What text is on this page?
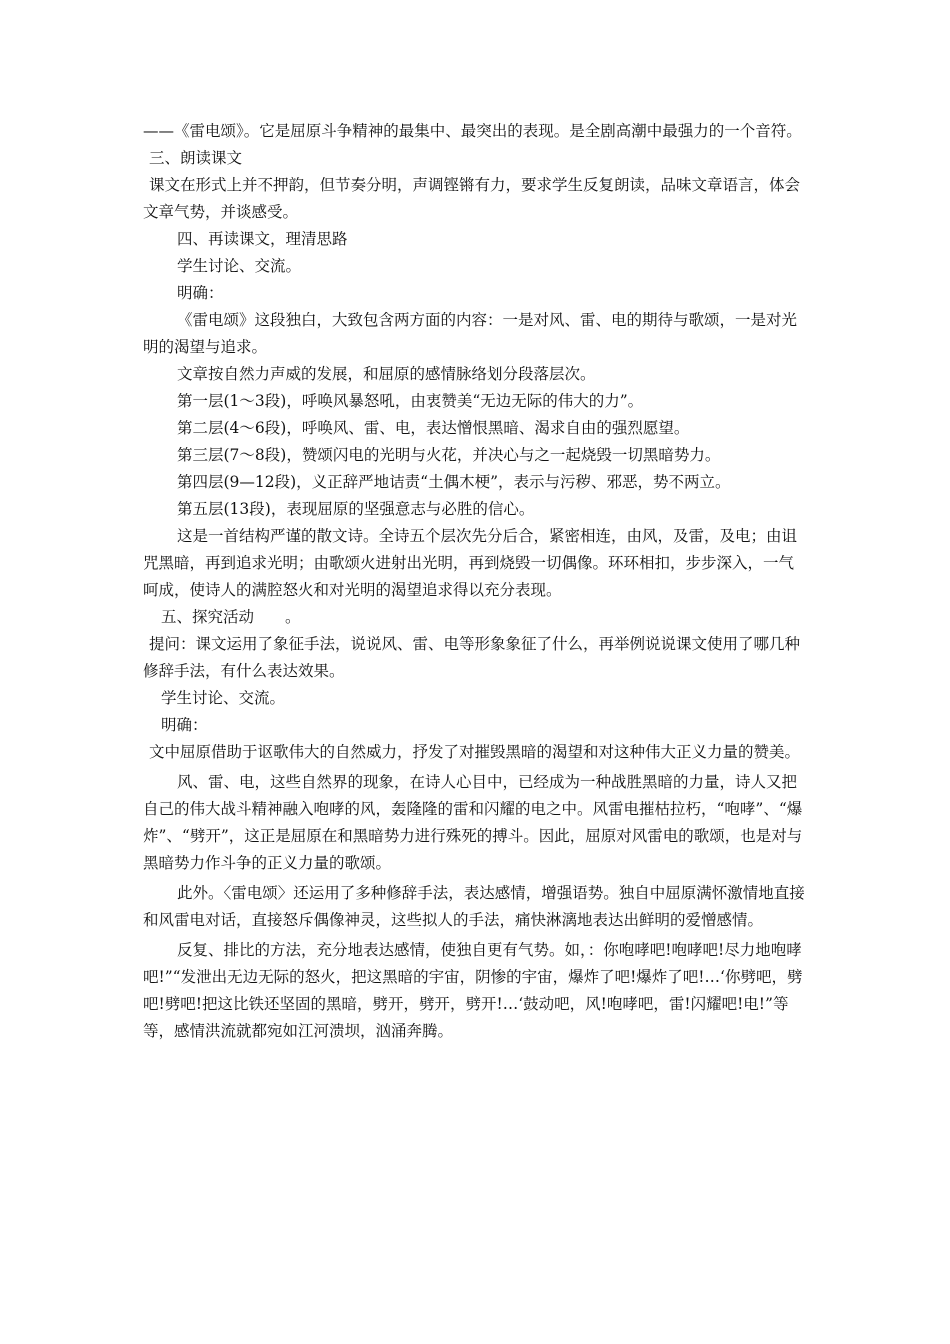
——《雷电颂》。它是屈原斗争精神的最集中、最突出的表现。是全剧高潮中最强力的一个音符。

三、朗读课文

课文在形式上并不押韵，但节奏分明，声调铿锵有力，要求学生反复朗读，品味文章语言，体会文章气势，并谈感受。

四、再读课文，理清思路

学生讨论、交流。

明确：

《雷电颂》这段独白，大致包含两方面的内容：一是对风、雷、电的期待与歌颂，一是对光明的渴望与追求。

文章按自然力声威的发展，和屈原的感情脉络划分段落层次。

第一层(1～3段)，呼唤风暴怒吼，由衷赞美“无边无际的伟大的力”。

第二层(4～6段)，呼唤风、雷、电，表达憎恨黑暗、渴求自由的强烈愿望。

第三层(7～8段)，赞颂闪电的光明与火花，并决心与之一起烧毁一切黑暗势力。

第四层(9—12段)，义正辞严地诘责“土偶木梗”，表示与污秽、邪恶，势不两立。

第五层(13段)，表现屈原的坚强意志与必胜的信心。

这是一首结构严谨的散文诗。全诗五个层次先分后合，紧密相连，由风，及雷，及电；由诅咒黑暗，再到追求光明；由歌颂火进射出光明，再到烧毁一切偶像。环环相扣，步步深入，一气呵成，使诗人的满腔怒火和对光明的渴望追求得以充分表现。

五、探究活动　　。

提问：课文运用了象征手法，说说风、雷、电等形象象征了什么，再举例说说课文使用了哪几种修辞手法，有什么表达效果。

学生讨论、交流。

明确：

文中屈原借助于讴歌伟大的自然威力，抒发了对摧毁黑暗的渴望和对这种伟大正义力量的赞美。

风、雷、电，这些自然界的现象，在诗人心目中，已经成为一种战胜黑暗的力量，诗人又把自己的伟大战斗精神融入咆哮的风，轰隆隆的雷和闪耀的电之中。风雷电摧枯拉朽，“咆哮”、“爆炸”、“劈开”，这正是屈原在和黑暗势力进行殊死的搏斗。因此，屈原对风雷电的歌颂，也是对与黑暗势力作斗争的正义力量的歌颂。

此外。〈雷电颂〉还运用了多种修辞手法，表达感情，增强语势。独自中屈原满怀激情地直接和风雷电对话，直接怒斥偶像神灵，这些拟人的手法，痛快淋漓地表达出鲜明的爱憎感情。

反复、排比的方法，充分地表达感情，使独自更有气势。如，：你咆哮吧!咆哮吧!尽力地咆哮吧!”“发泄出无边无际的怒火，把这黑暗的宇宙，阴惨的宇宙，爆炸了吧!爆炸了吧!…‘你劈吧，劈吧!劈吧!把这比铁还坚固的黑暗，劈开，劈开，劈开!…‘鼓动吧，风!咆哮吧，雷!闪耀吧!电!”等等，感情洪流就都宛如江河溃坝，汹涌奔腾。
